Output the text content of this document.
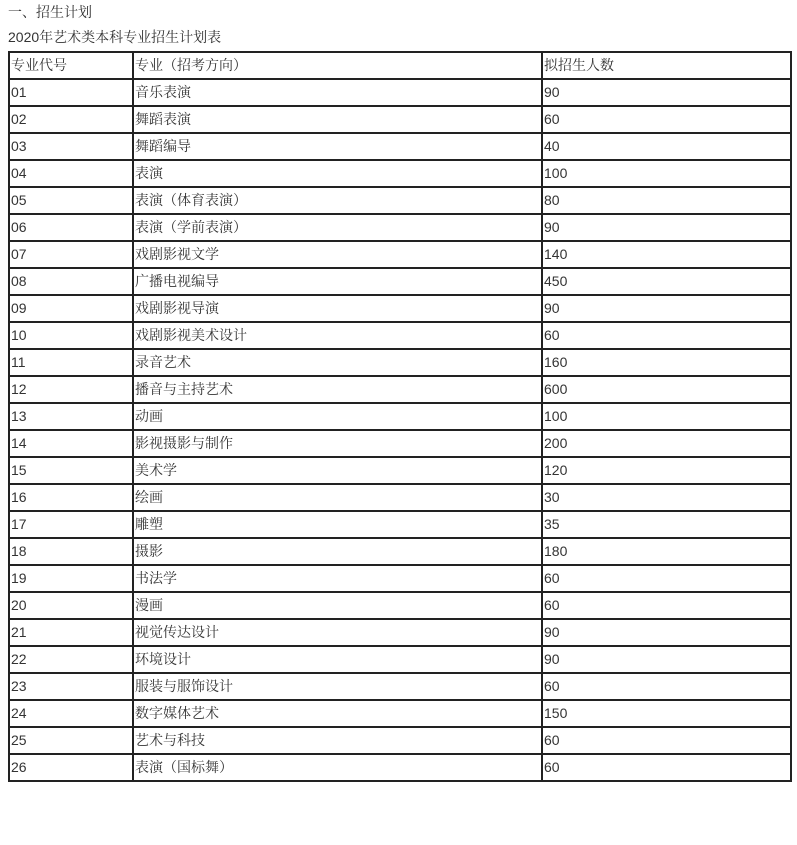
一、招生计划
2020年艺术类本科专业招生计划表
专业代号	专业（招考方向）	拟招生人数
01	音乐表演	90
02	舞蹈表演	60
03	舞蹈编导	40
04	表演	100
05	表演（体育表演）	80
06	表演（学前表演）	90
07	戏剧影视文学	140
08	广播电视编导	450
09	戏剧影视导演	90
10	戏剧影视美术设计	60
11	录音艺术	160
12	播音与主持艺术	600
13	动画	100
14	影视摄影与制作	200
15	美术学	120
16	绘画	30
17	雕塑	35
18	摄影	180
19	书法学	60
20	漫画	60
21	视觉传达设计	90
22	环境设计	90
23	服装与服饰设计	60
24	数字媒体艺术	150
25	艺术与科技	60
26	表演（国标舞）	60
